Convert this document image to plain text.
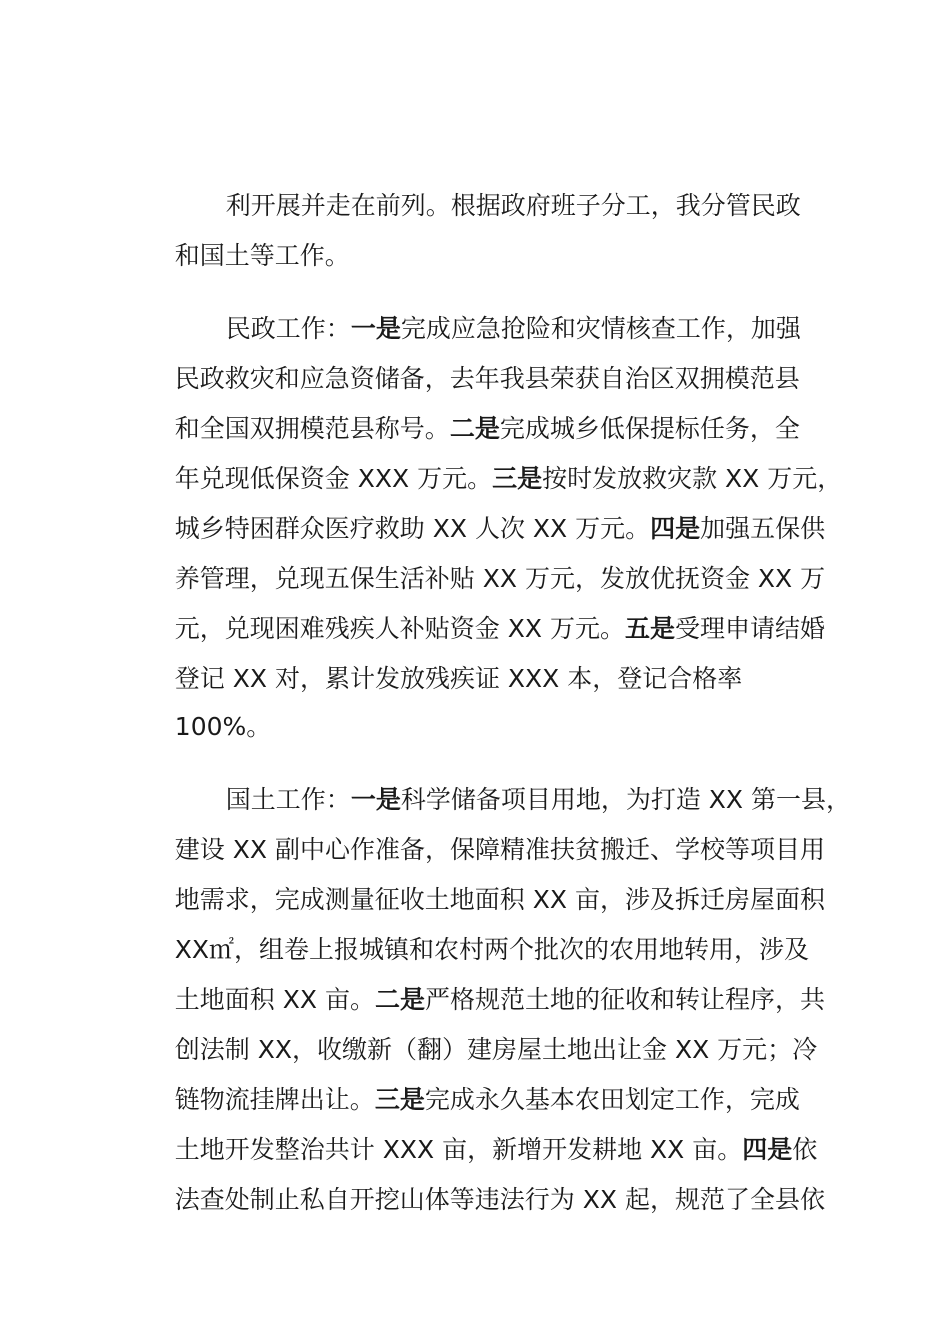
利开展并走在前列。根据政府班子分工，我分管民政

和国土等工作。

民政工作：一是完成应急抢险和灾情核查工作，加强

民政救灾和应急资储备，去年我县荣获自治区双拥模范县

和全国双拥模范县称号。二是完成城乡低保提标任务，全

年兑现低保资金 XXX 万元。三是按时发放救灾款 XX 万元，

城乡特困群众医疗救助 XX 人次 XX 万元。四是加强五保供

养管理，兑现五保生活补贴 XX 万元，发放优抚资金 XX 万

元，兑现困难残疾人补贴资金 XX 万元。五是受理申请结婚

登记 XX 对，累计发放残疾证 XXX 本，登记合格率

100%。

国土工作：一是科学储备项目用地，为打造 XX 第一县，

建设 XX 副中心作准备，保障精准扶贫搬迁、学校等项目用

地需求，完成测量征收土地面积 XX 亩，涉及拆迁房屋面积

XX㎡，组卷上报城镇和农村两个批次的农用地转用，涉及

土地面积 XX 亩。二是严格规范土地的征收和转让程序，共

创法制 XX，收缴新（翻）建房屋土地出让金 XX 万元；冷

链物流挂牌出让。三是完成永久基本农田划定工作，完成

土地开发整治共计 XXX 亩，新增开发耕地 XX 亩。四是依

法查处制止私自开挖山体等违法行为 XX 起，规范了全县依
